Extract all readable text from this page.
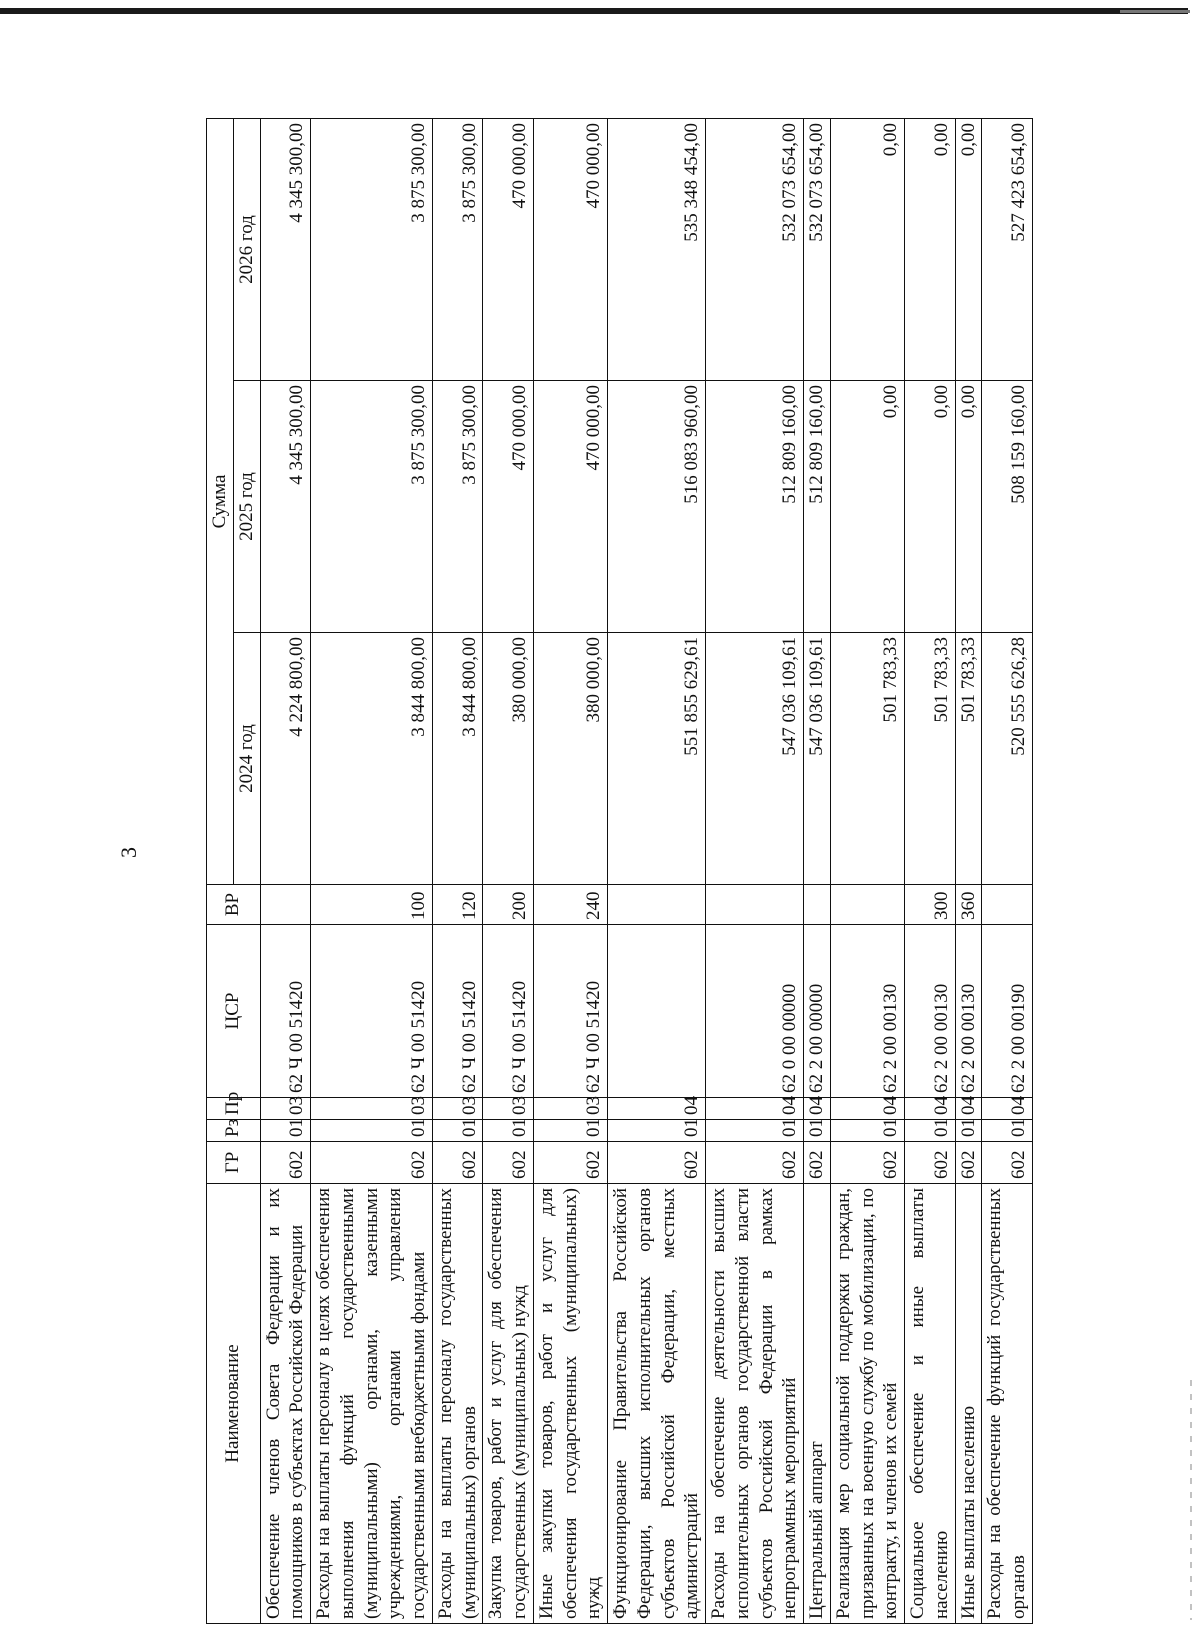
3
Наименование	ГР	Рз	Пр	ЦСР	ВР	Сумма		
						2024 год	2025 год	2026 год
Обеспечение членов Совета Федерации и их помощников в субъектах Российской Федерации	602	01	03	62 Ч 00 51420		4 224 800,00	4 345 300,00	4 345 300,00
Расходы на выплаты персоналу в целях обеспечения выполнения функций государственными (муниципальными) органами, казенными учреждениями, органами управления государственными внебюджетными фондами	602	01	03	62 Ч 00 51420	100	3 844 800,00	3 875 300,00	3 875 300,00
Расходы на выплаты персоналу государственных (муниципальных) органов	602	01	03	62 Ч 00 51420	120	3 844 800,00	3 875 300,00	3 875 300,00
Закупка товаров, работ и услуг для обеспечения государственных (муниципальных) нужд	602	01	03	62 Ч 00 51420	200	380 000,00	470 000,00	470 000,00
Иные закупки товаров, работ и услуг для обеспечения государственных (муниципальных) нужд	602	01	03	62 Ч 00 51420	240	380 000,00	470 000,00	470 000,00
Функционирование Правительства Российской Федерации, высших исполнительных органов субъектов Российской Федерации, местных администраций	602	01	04			551 855 629,61	516 083 960,00	535 348 454,00
Расходы на обеспечение деятельности высших исполнительных органов государственной власти субъектов Российской Федерации в рамках непрограммных мероприятий	602	01	04	62 0 00 00000		547 036 109,61	512 809 160,00	532 073 654,00
Центральный аппарат	602	01	04	62 2 00 00000		547 036 109,61	512 809 160,00	532 073 654,00
Реализация мер социальной поддержки граждан, призванных на военную службу по мобилизации, по контракту, и членов их семей	602	01	04	62 2 00 00130		501 783,33	0,00	0,00
Социальное обеспечение и иные выплаты населению	602	01	04	62 2 00 00130	300	501 783,33	0,00	0,00
Иные выплаты населению	602	01	04	62 2 00 00130	360	501 783,33	0,00	0,00
Расходы на обеспечение функций государственных органов	602	01	04	62 2 00 00190		520 555 626,28	508 159 160,00	527 423 654,00
